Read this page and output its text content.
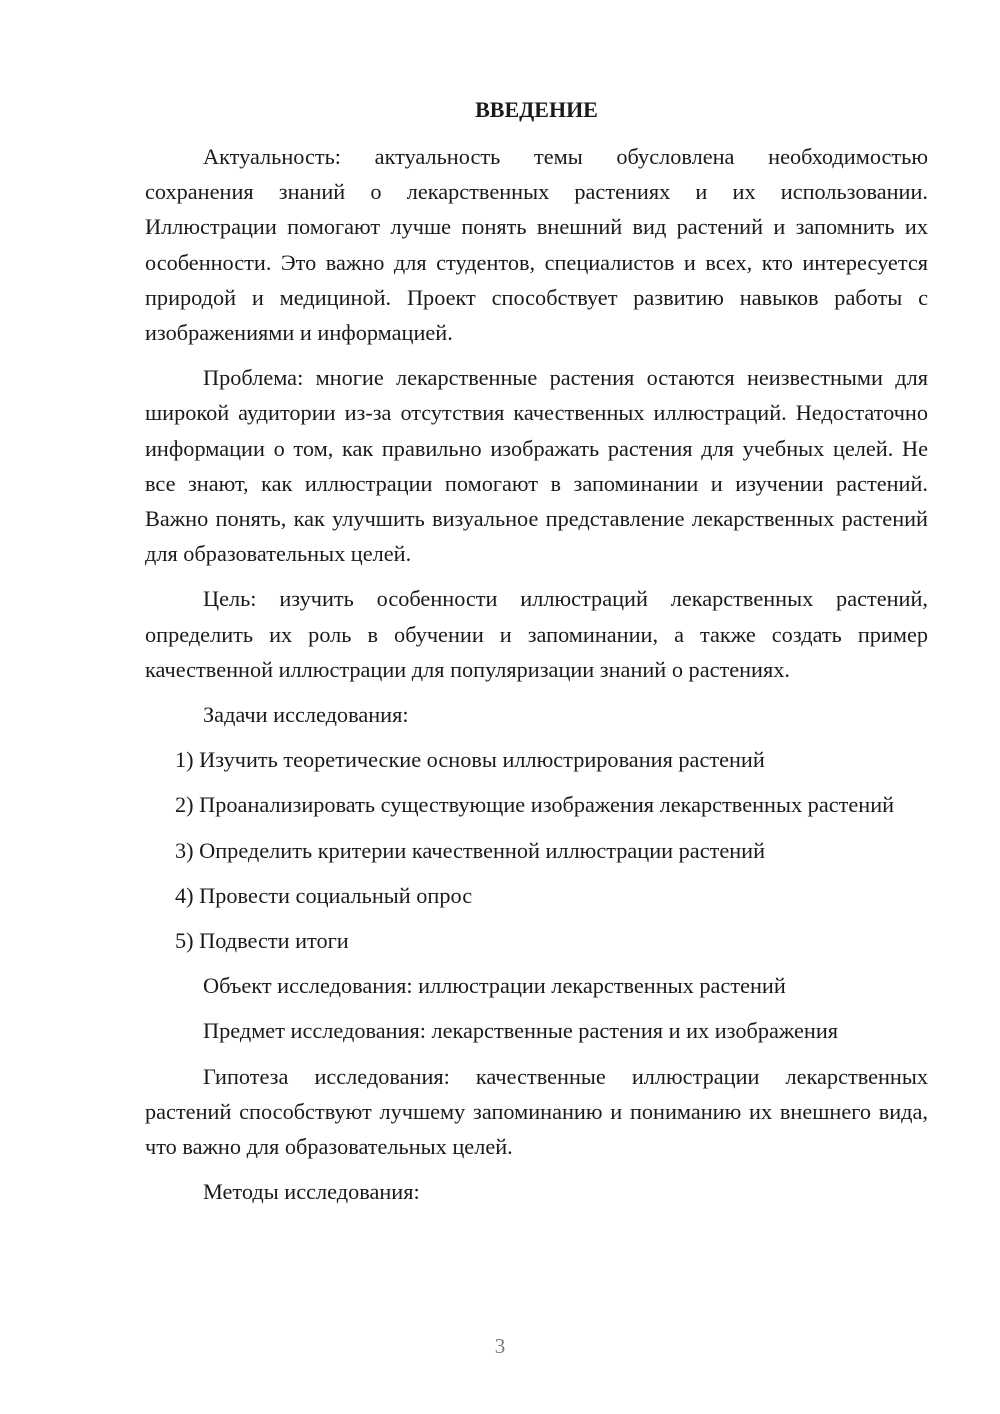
ВВЕДЕНИЕ

Актуальность: актуальность темы обусловлена необходимостью сохранения знаний о лекарственных растениях и их использовании. Иллюстрации помогают лучше понять внешний вид растений и запомнить их особенности. Это важно для студентов, специалистов и всех, кто интересуется природой и медициной. Проект способствует развитию навыков работы с изображениями и информацией.

Проблема: многие лекарственные растения остаются неизвестными для широкой аудитории из-за отсутствия качественных иллюстраций. Недостаточно информации о том, как правильно изображать растения для учебных целей. Не все знают, как иллюстрации помогают в запоминании и изучении растений. Важно понять, как улучшить визуальное представление лекарственных растений для образовательных целей.

Цель: изучить особенности иллюстраций лекарственных растений, определить их роль в обучении и запоминании, а также создать пример качественной иллюстрации для популяризации знаний о растениях.

Задачи исследования:

1) Изучить теоретические основы иллюстрирования растений

2) Проанализировать существующие изображения лекарственных растений

3) Определить критерии качественной иллюстрации растений

4) Провести социальный опрос

5) Подвести итоги

Объект исследования: иллюстрации лекарственных растений

Предмет исследования: лекарственные растения и их изображения

Гипотеза исследования: качественные иллюстрации лекарственных растений способствуют лучшему запоминанию и пониманию их внешнего вида, что важно для образовательных целей.

Методы исследования:

3
